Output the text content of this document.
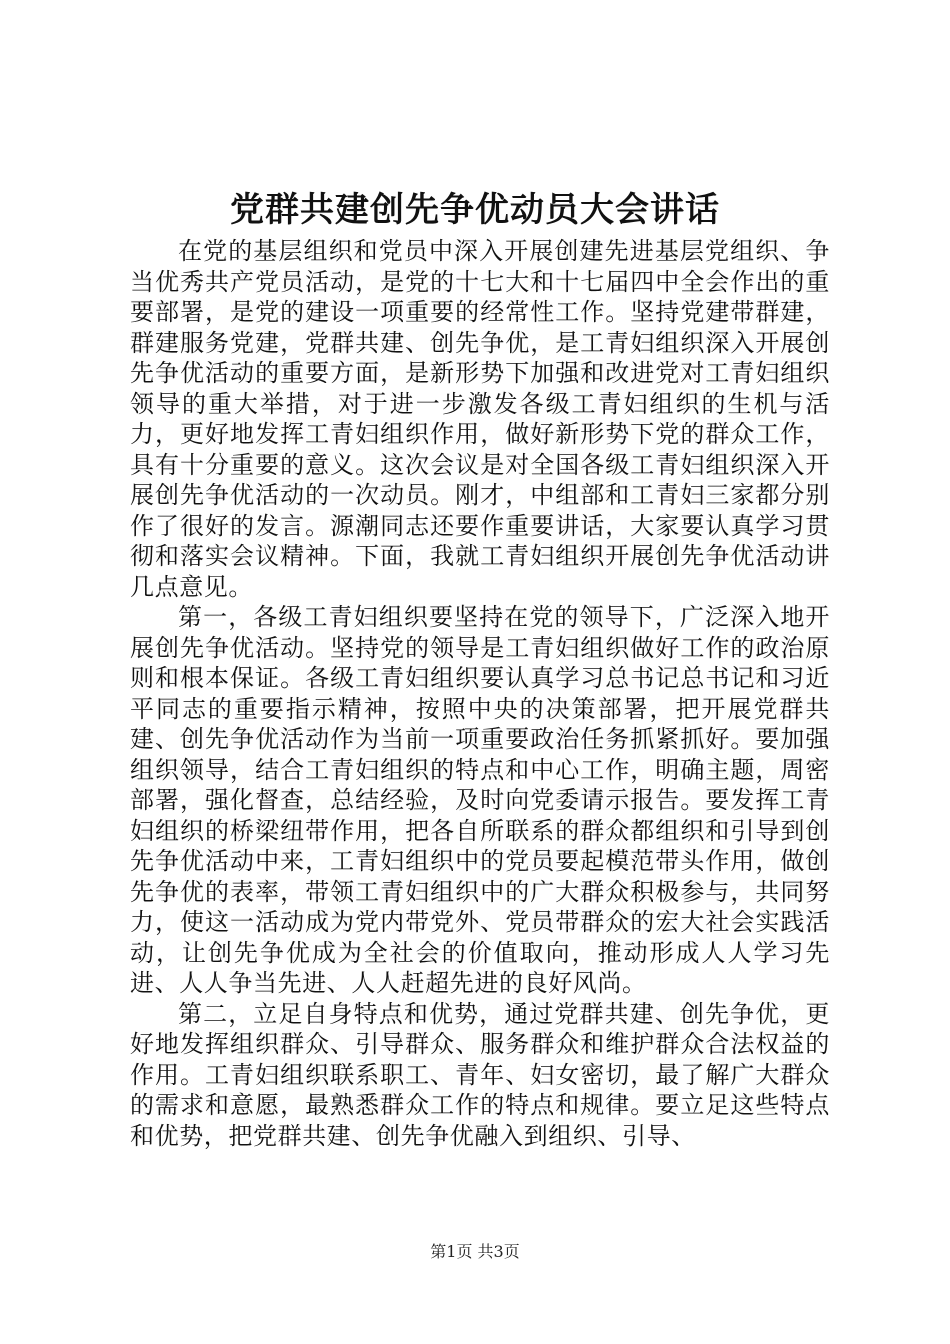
党群共建创先争优动员大会讲话

在党的基层组织和党员中深入开展创建先进基层党组织、争当优秀共产党员活动，是党的十七大和十七届四中全会作出的重要部署，是党的建设一项重要的经常性工作。坚持党建带群建，群建服务党建，党群共建、创先争优，是工青妇组织深入开展创先争优活动的重要方面，是新形势下加强和改进党对工青妇组织领导的重大举措，对于进一步激发各级工青妇组织的生机与活力，更好地发挥工青妇组织作用，做好新形势下党的群众工作，具有十分重要的意义。这次会议是对全国各级工青妇组织深入开展创先争优活动的一次动员。刚才，中组部和工青妇三家都分别作了很好的发言。源潮同志还要作重要讲话，大家要认真学习贯彻和落实会议精神。下面，我就工青妇组织开展创先争优活动讲几点意见。

第一，各级工青妇组织要坚持在党的领导下，广泛深入地开展创先争优活动。坚持党的领导是工青妇组织做好工作的政治原则和根本保证。各级工青妇组织要认真学习总书记总书记和习近平同志的重要指示精神，按照中央的决策部署，把开展党群共建、创先争优活动作为当前一项重要政治任务抓紧抓好。要加强组织领导，结合工青妇组织的特点和中心工作，明确主题，周密部署，强化督查，总结经验，及时向党委请示报告。要发挥工青妇组织的桥梁纽带作用，把各自所联系的群众都组织和引导到创先争优活动中来，工青妇组织中的党员要起模范带头作用，做创先争优的表率，带领工青妇组织中的广大群众积极参与，共同努力，使这一活动成为党内带党外、党员带群众的宏大社会实践活动，让创先争优成为全社会的价值取向，推动形成人人学习先进、人人争当先进、人人赶超先进的良好风尚。

第二，立足自身特点和优势，通过党群共建、创先争优，更好地发挥组织群众、引导群众、服务群众和维护群众合法权益的作用。工青妇组织联系职工、青年、妇女密切，最了解广大群众的需求和意愿，最熟悉群众工作的特点和规律。要立足这些特点和优势，把党群共建、创先争优融入到组织、引导、

第1页 共3页
